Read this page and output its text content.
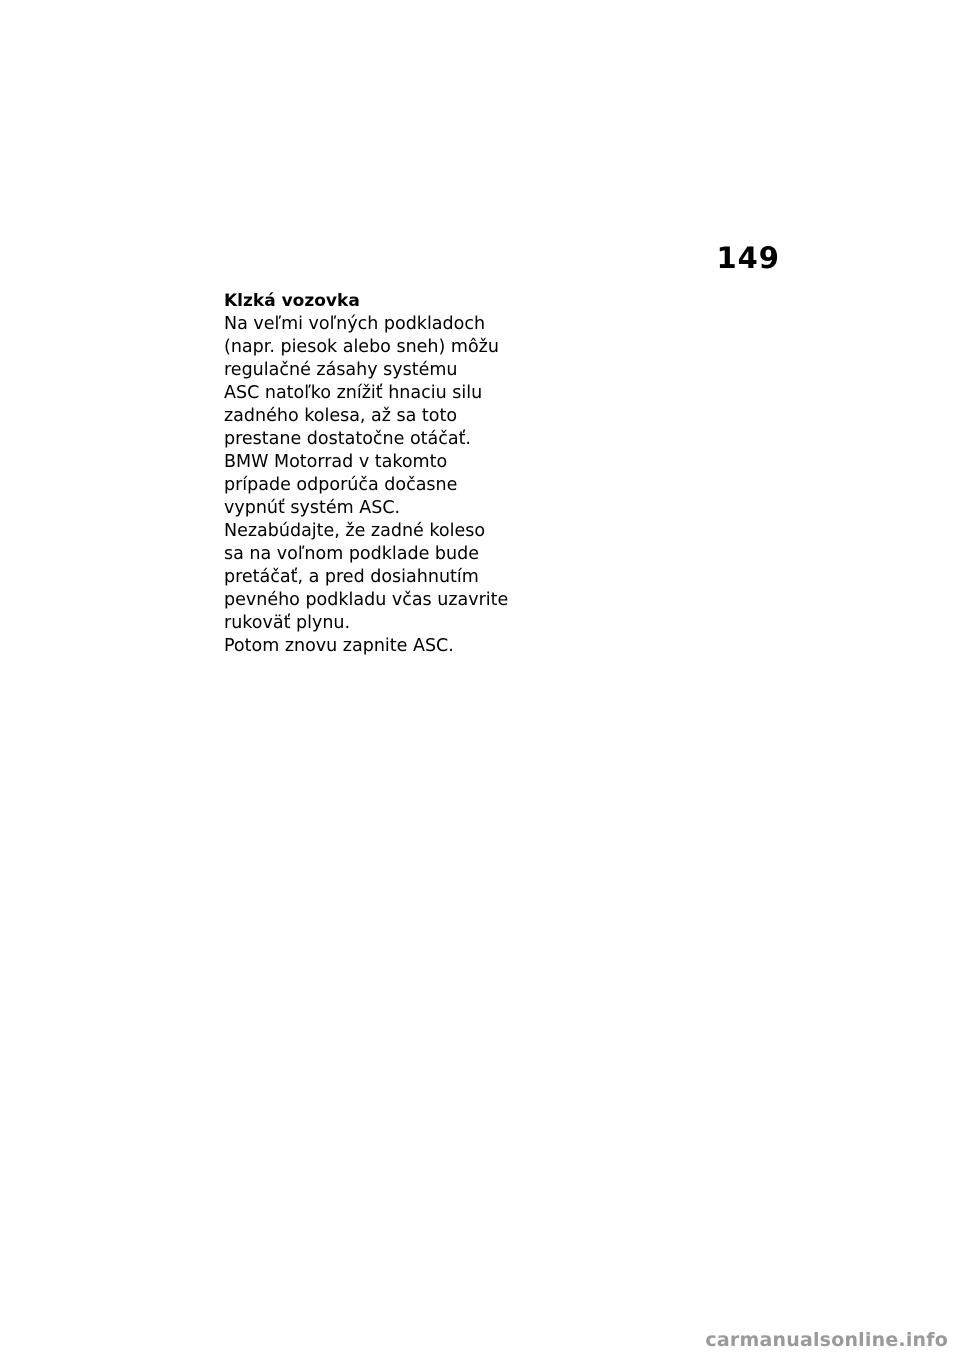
149
Klzká vozovka
Na veľmi voľných podkladoch
(napr. piesok alebo sneh) môžu
regulačné zásahy systému
ASC natoľko znížiť hnaciu silu
zadného kolesa, až sa toto
prestane dostatočne otáčať.
BMW Motorrad v takomto
prípade odporúča dočasne
vypnúť systém ASC.
Nezabúdajte, že zadné koleso
sa na voľnom podklade bude
pretáčať, a pred dosiahnutím
pevného podkladu včas uzavrite
rukoväť plynu.
Potom znovu zapnite ASC.
carmanualsonline.info
